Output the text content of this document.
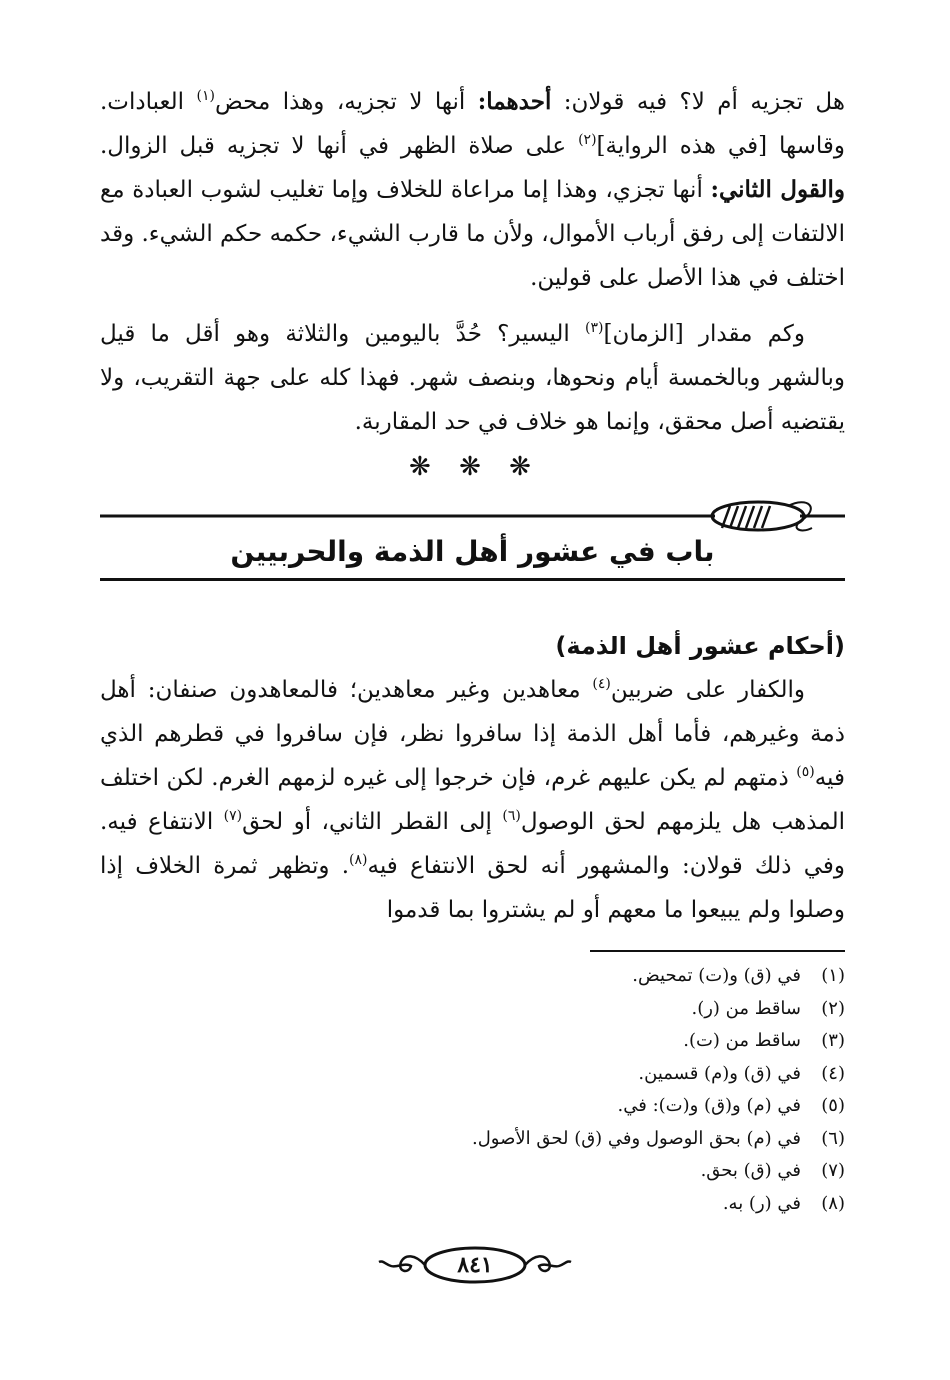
هل تجزيه أم لا؟ فيه قولان: أحدهما: أنها لا تجزيه، وهذا محض$^{(١)}$ العبادات. وقاسها [في هذه الرواية]$^{(٢)}$ على صلاة الظهر في أنها لا تجزيه قبل الزوال. والقول الثاني: أنها تجزي، وهذا إما مراعاة للخلاف وإما تغليب لشوب العبادة مع الالتفات إلى رفق أرباب الأموال، ولأن ما قارب الشيء، حكمه حكم الشيء. وقد اختلف في هذا الأصل على قولين.

وكم مقدار [الزمان]$^{(٣)}$ اليسير؟ حُدَّ باليومين والثلاثة وهو أقل ما قيل وبالشهر وبالخمسة أيام ونحوها، وبنصف شهر. فهذا كله على جهة التقريب، ولا يقتضيه أصل محقق، وإنما هو خلاف في حد المقاربة.

❋ ❋ ❋
باب في عشور أهل الذمة والحربيين
(أحكام عشور أهل الذمة)

والكفار على ضربين$^{(٤)}$ معاهدين وغير معاهدين؛ فالمعاهدون صنفان: أهل ذمة وغيرهم، فأما أهل الذمة إذا سافروا نظر، فإن سافروا في قطرهم الذي فيه$^{(٥)}$ ذمتهم لم يكن عليهم غرم، فإن خرجوا إلى غيره لزمهم الغرم. لكن اختلف المذهب هل يلزمهم لحق الوصول$^{(٦)}$ إلى القطر الثاني، أو لحق$^{(٧)}$ الانتفاع فيه. وفي ذلك قولان: والمشهور أنه لحق الانتفاع فيه$^{(٨)}$. وتظهر ثمرة الخلاف إذا وصلوا ولم يبيعوا ما معهم أو لم يشتروا بما قدموا

(١)في (ق) و(ت) تمحيض.
(٢)ساقط من (ر).
(٣)ساقط من (ت).
(٤)في (ق) و(م) قسمين.
(٥)في (م) و(ق) و(ت): في.
(٦)في (م) بحق الوصول وفي (ق) لحق الأصول.
(٧)في (ق) بحق.
(٨)في (ر) به.
٨٤١
